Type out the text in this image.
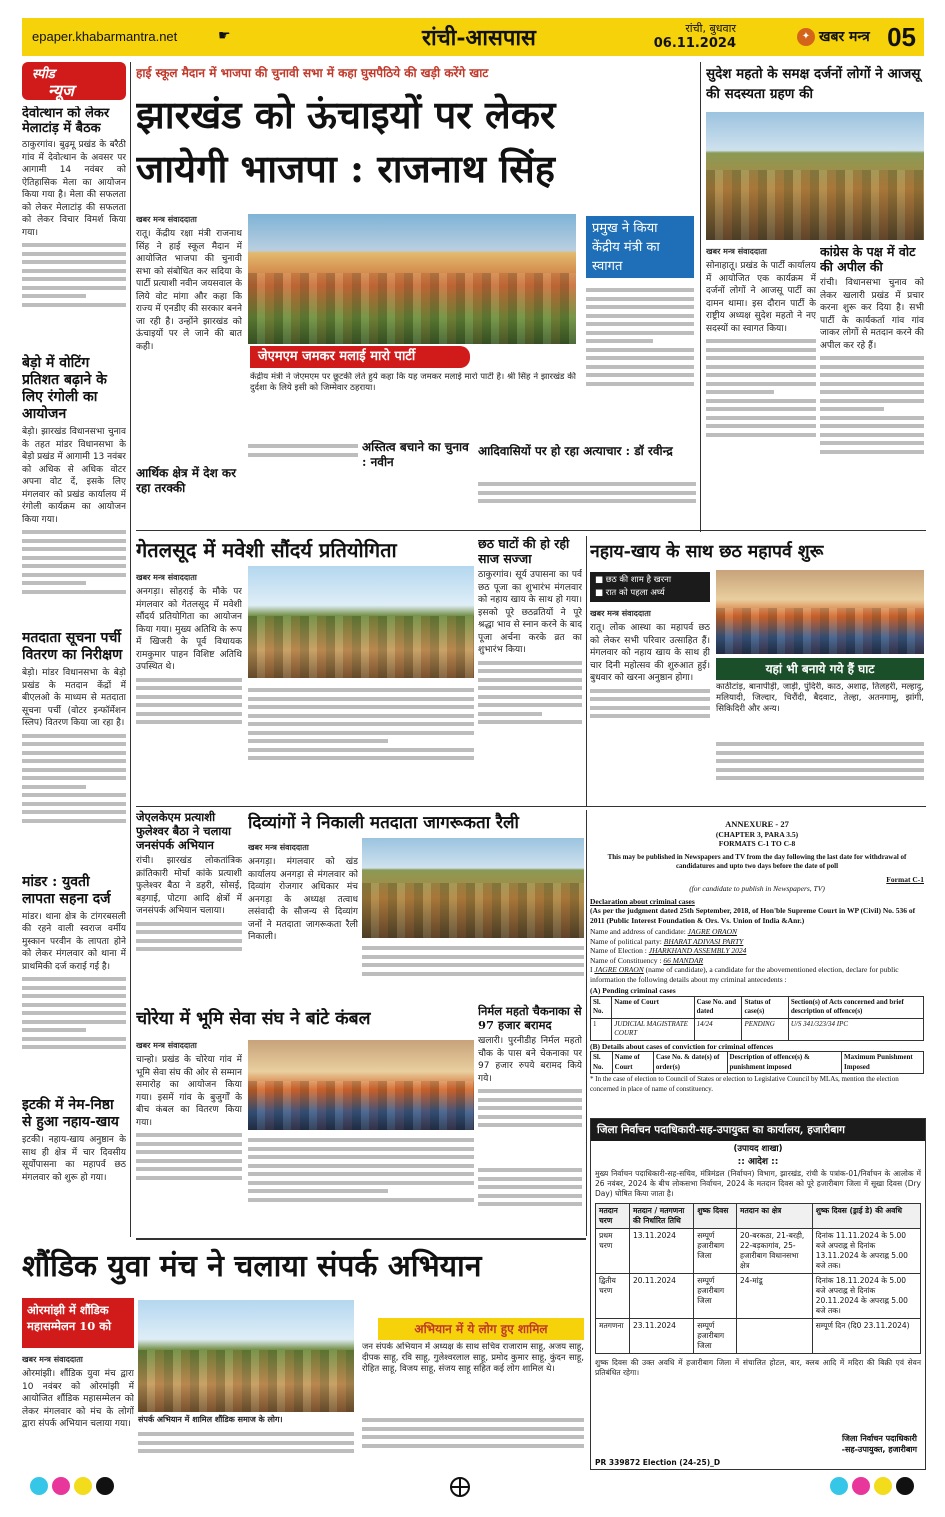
epaper.khabarmantra.net	☛	रांची-आसपास	रांची, बुधवार
06.11.2024	✦ खबर मन्त्र 05
स्पीड
न्यूज
देवोत्थान को लेकर मेलाटांड़ में बैठक
ठाकुरगांव। बुढ़मू प्रखंड के बरैठी गांव में देवोत्थान के अवसर पर आगामी 14 नवंबर को ऐतिहासिक मेला का आयोजन किया गया है। मेला की सफलता को लेकर मेलाटांड़ की सफलता को लेकर विचार विमर्श किया गया।
बेड़ो में वोटिंग प्रतिशत बढ़ाने के लिए रंगोली का आयोजन
बेड़ो। झारखंड विधानसभा चुनाव के तहत मांडर विधानसभा के बेड़ो प्रखंड में आगामी 13 नवंबर को अधिक से अधिक वोटर अपना वोट दें, इसके लिए मंगलवार को प्रखंड कार्यालय में रंगोली कार्यक्रम का आयोजन किया गया।
मतदाता सूचना पर्ची वितरण का निरीक्षण
बेड़ो। मांडर विधानसभा के बेड़ो प्रखंड के मतदान केंद्रों में बीएलओ के माध्यम से मतदाता सूचना पर्ची (वोटर इन्फॉर्मेशन स्लिप) वितरण किया जा रहा है।
मांडर : युवती लापता सहना दर्ज
मांडर। थाना क्षेत्र के टांगरबसली की रहने वाली स्वराज वर्मीय मुस्कान परवीन के लापता होने को लेकर मंगलवार को थाना में प्राथमिकी दर्ज कराई गई है।
इटकी में नेम-निष्ठा से हुआ नहाय-खाय
इटकी। नहाय-खाय अनुष्ठान के साथ ही क्षेत्र में चार दिवसीय सूर्योपासना का महापर्व छठ मंगलवार को शुरू हो गया।
हाई स्कूल मैदान में भाजपा की चुनावी सभा में कहा घुसपैठिये की खड़ी करेंगे खाट
झारखंड को ऊंचाइयों पर लेकर
जायेगी भाजपा : राजनाथ सिंह
खबर मन्त्र संवाददाता
रातू। केंद्रीय रक्षा मंत्री राजनाथ सिंह ने हाई स्कूल मैदान में आयोजित भाजपा की चुनावी सभा को संबोधित कर सदिया के पार्टी प्रत्याशी नवीन जयसवाल के लिये वोट मांगा और कहा कि राज्य में एनडीए की सरकार बनने जा रही है। उन्होंने झारखंड को ऊंचाइयों पर ले जाने की बात कही।
जेएमएम जमकर मलाई मारो पार्टी
केंद्रीय मंत्री ने जेएमएम पर छूटकी लेते हुये कहा कि यह जमकर मलाई मारो पार्टी है। श्री सिंह ने झारखंड की दुर्दशा के लिये इसी को जिम्मेवार ठहराया।
आर्थिक क्षेत्र में देश कर रहा तरक्की
अस्तित्व बचाने का चुनाव : नवीन
प्रमुख ने किया केंद्रीय मंत्री का स्वागत
आदिवासियों पर हो रहा अत्याचार : डॉ रवीन्द्र
सुदेश महतो के समक्ष दर्जनों लोगों ने आजसू की सदस्यता ग्रहण की
खबर मन्त्र संवाददाता
सोनाहातू। प्रखंड के पार्टी कार्यालय में आयोजित एक कार्यक्रम में दर्जनों लोगों ने आजसू पार्टी का दामन थामा। इस दौरान पार्टी के राष्ट्रीय अध्यक्ष सुदेश महतो ने नए सदस्यों का स्वागत किया।
कांग्रेस के पक्ष में वोट की अपील की
रांची। विधानसभा चुनाव को लेकर खलारी प्रखंड में प्रचार करना शुरू कर दिया है। सभी पार्टी के कार्यकर्ता गांव गांव जाकर लोगों से मतदान करने की अपील कर रहे हैं।
गेतलसूद में मवेशी सौंदर्य प्रतियोगिता
खबर मन्त्र संवाददाता
अनगड़ा। सोहराई के मौके पर मंगलवार को गेतलसूद में मवेशी सौंदर्य प्रतियोगिता का आयोजन किया गया। मुख्य अतिथि के रूप में खिजरी के पूर्व विधायक रामकुमार पाहन विशिष्ट अतिथि उपस्थित थे।
छठ घाटों की हो रही साज सज्जा
ठाकुरगांव। सूर्य उपासना का पर्व छठ पूजा का शुभारंभ मंगलवार को नहाय खाय के साथ हो गया। इसको पूरे छठव्रतियों ने पूरे श्रद्धा भाव से स्नान करने के बाद पूजा अर्चना करके व्रत का शुभारंभ किया।
नहाय-खाय के साथ छठ महापर्व शुरू
■ छठ की शाम है खरना
■ रात को पहला अर्घ्य
खबर मन्त्र संवाददाता
रातू। लोक आस्था का महापर्व छठ को लेकर सभी परिवार उत्साहित हैं। मंगलवार को नहाय खाय के साथ ही चार दिनी महोत्सव की शुरुआत हुई। बुधवार को खरना अनुष्ठान होगा।
यहां भी बनाये गये हैं घाट
काठीटांड़, बानापीड़ी, जाड़ी, पुंदिरी, काठ, अशाढ़, तिलहरी, मल्हादु, मलियादी, जिल्दार, चिरौंदी, बैदवाट, तेल्हा, अतनगामू, झांगी, सिकिदिरी और अन्य।
जेएलकेएम प्रत्याशी फुलेश्वर बैठा ने चलाया जनसंपर्क अभियान
रांची। झारखंड लोकतांत्रिक क्रांतिकारी मोर्चा कांके प्रत्याशी फुलेश्वर बैठा ने डहरी, सोसई, बड़गाई, पोटगा आदि क्षेत्रों में जनसंपर्क अभियान चलाया।
दिव्यांगों ने निकाली मतदाता जागरूकता रैली
खबर मन्त्र संवाददाता
अनगड़ा। मंगलवार को खंड कार्यालय अनगड़ा से मंगलवार को दिव्यांग रोजगार अधिकार मंच अनगड़ा के अध्यक्ष तत्वाध लसंवादी के सौजन्य से दिव्यांग जनों ने मतदाता जागरूकता रैली निकाली।
निर्मल महतो चैकनाका से 97 हजार बरामद
खलारी। पुरनीडीह निर्मल महतो चौक के पास बने चेकनाका पर 97 हजार रुपये बरामद किये गये।
चोरेया में भूमि सेवा संघ ने बांटे कंबल
खबर मन्त्र संवाददाता
चान्हो। प्रखंड के चोरेया गांव में भूमि सेवा संघ की ओर से सम्मान समारोह का आयोजन किया गया। इसमें गांव के बुजुर्गों के बीच कंबल का वितरण किया गया।
ANNEXURE - 27
(CHAPTER 3, PARA 3.5)
FORMATS C-1 TO C-8
This may be published in Newspapers and TV from the day following the last date for withdrawal of candidatures and upto two days before the date of poll
Format C-1
(for candidate to publish in Newspapers, TV)
Declaration about criminal cases
(As per the judgment dated 25th September, 2018, of Hon'ble Supreme Court in WP (Civil) No. 536 of 2011 (Public Interest Foundation & Ors. Vs. Union of India &Anr.)
Name and address of candidate: JAGRE ORAON
Name of political party: BHARAT ADIVASI PARTY
Name of Election : JHARKHAND ASSEMBLY 2024
Name of Constituency : 66 MANDAR
I JAGRE ORAON (name of candidate), a candidate for the abovementioned election, declare for public information the following details about my criminal antecedents :
(A) Pending criminal cases
Sl. No.	Name of Court	Case No. and dated	Status of case(s)	Section(s) of Acts concerned and brief description of offence(s)
1	JUDICIAL MAGISTRATE COURT	14/24	PENDING	U/S 341/323/34 IPC
(B) Details about cases of conviction for criminal offences
Sl. No.	Name of Court	Case No. & date(s) of order(s)	Description of offence(s) & punishment imposed	Maximum Punishment Imposed
* In the case of election to Council of States or election to Legislative Council by MLAs, mention the election concerned in place of name of constituency.
शौंडिक युवा मंच ने चलाया संपर्क अभियान
ओरमांझी में शौंडिक महासम्मेलन 10 को
खबर मन्त्र संवाददाता
ओरमांझी। शौंडिक युवा मंच द्वारा 10 नवंबर को ओरमांझी में आयोजित शौंडिक महासम्मेलन को लेकर मंगलवार को मंच के लोगों द्वारा संपर्क अभियान चलाया गया। संपर्क अभियान में शामिल शौंडिक समाज के लोग।
अभियान में ये लोग हुए शामिल
जन संपर्क अभियान में अध्यक्ष के साथ सचिव राजाराम साहू, अजय साहू, दीपक साहू, रवि साहू, गुलेश्वरलाल साहू, प्रमोद कुमार साहू, कुंदन साहू, रोहित साहू, विजय साहू, संजय साहू सहित कई लोग शामिल थे।
जिला निर्वाचन पदाधिकारी-सह-उपायुक्त का कार्यालय, हजारीबाग
(उपायद शाखा)
:: आदेश ::
मुख्य निर्वाचन पदाधिकारी-सह-सचिव, मंत्रिमंडल (निर्वाचन) विभाग, झारखंड, रांची के पत्रांक-01/निर्वाचन के आलोक में 26 नवंबर, 2024 के बीच लोकसभा निर्वाचन, 2024 के मतदान दिवस को पूरे हजारीबाग जिला में सूखा दिवस (Dry Day) घोषित किया जाता है।
मतदान चरण	मतदान / मतगणना की निर्धारित तिथि	शुष्क दिवस	मतदान का क्षेत्र	शुष्क दिवस (ड्राई डे) की अवधि
प्रथम चरण	13.11.2024	सम्पूर्ण हजारीबाग जिला	20-बरकठा, 21-बरही, 22-बड़कागांव, 25-हजारीबाग विधानसभा क्षेत्र	दिनांक 11.11.2024 के 5.00 बजे अपराह्न से दिनांक 13.11.2024 के अपराह्न 5.00 बजे तक।
द्वितीय चरण	20.11.2024	सम्पूर्ण हजारीबाग जिला	24-मांडू	दिनांक 18.11.2024 के 5.00 बजे अपराह्न से दिनांक 20.11.2024 के अपराह्न 5.00 बजे तक।
मतगणना	23.11.2024	सम्पूर्ण हजारीबाग जिला		सम्पूर्ण दिन (दि0 23.11.2024)
शुष्क दिवस की उक्त अवधि में हजारीबाग जिला में संचालित होटल, बार, क्लब आदि में मदिरा की बिक्री एवं सेवन प्रतिबंधित रहेगा।
जिला निर्वाचन पदाधिकारी
-सह-उपायुक्त, हजारीबाग
PR 339872 Election (24-25)_D
